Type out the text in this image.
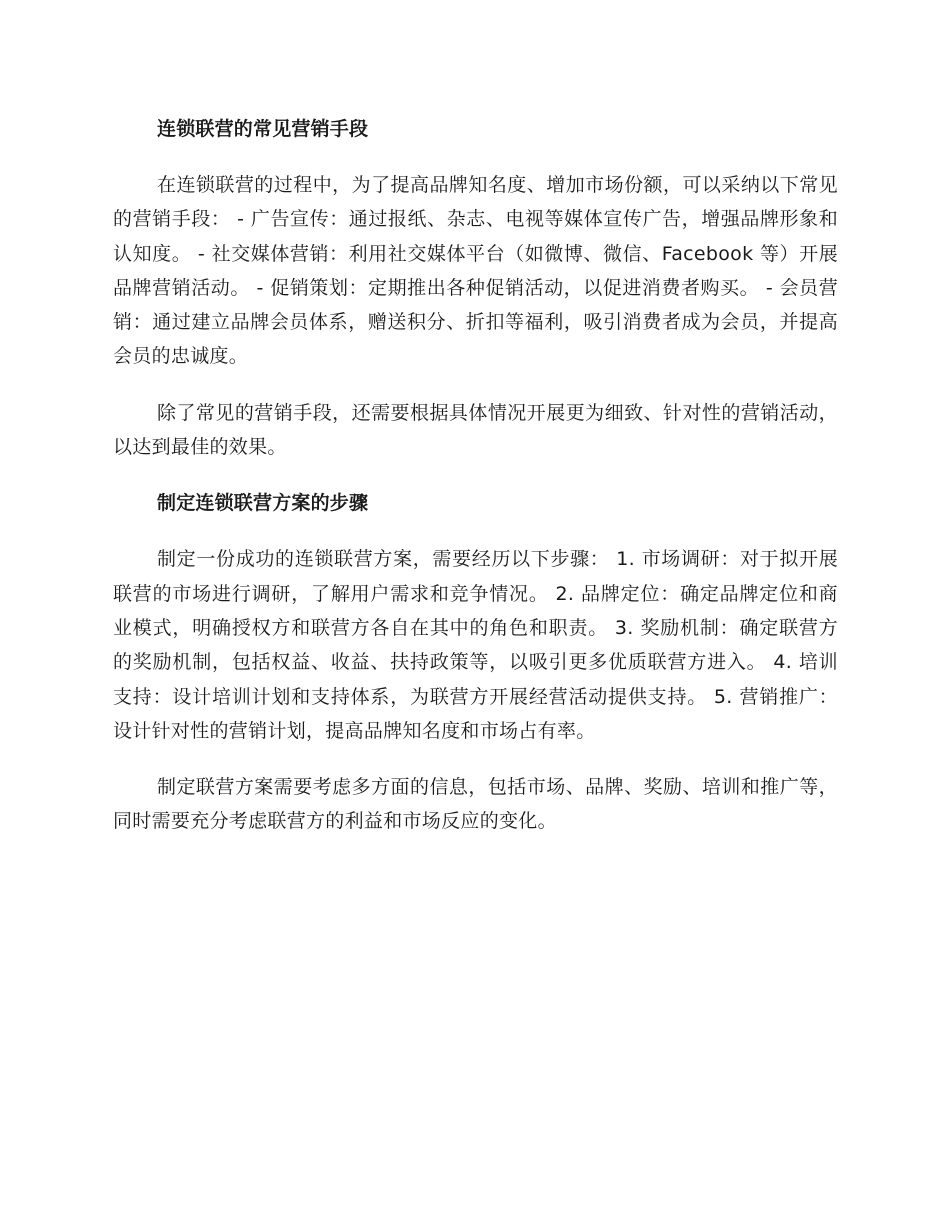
连锁联营的常见营销手段

在连锁联营的过程中，为了提高品牌知名度、增加市场份额，可以采纳以下常见的营销手段： - 广告宣传：通过报纸、杂志、电视等媒体宣传广告，增强品牌形象和认知度。 - 社交媒体营销：利用社交媒体平台（如微博、微信、Facebook 等）开展品牌营销活动。 - 促销策划：定期推出各种促销活动，以促进消费者购买。 - 会员营销：通过建立品牌会员体系，赠送积分、折扣等福利，吸引消费者成为会员，并提高会员的忠诚度。

除了常见的营销手段，还需要根据具体情况开展更为细致、针对性的营销活动，以达到最佳的效果。

制定连锁联营方案的步骤

制定一份成功的连锁联营方案，需要经历以下步骤： 1. 市场调研：对于拟开展联营的市场进行调研，了解用户需求和竞争情况。 2. 品牌定位：确定品牌定位和商业模式，明确授权方和联营方各自在其中的角色和职责。 3. 奖励机制：确定联营方的奖励机制，包括权益、收益、扶持政策等，以吸引更多优质联营方进入。 4. 培训支持：设计培训计划和支持体系，为联营方开展经营活动提供支持。 5. 营销推广：设计针对性的营销计划，提高品牌知名度和市场占有率。

制定联营方案需要考虑多方面的信息，包括市场、品牌、奖励、培训和推广等，同时需要充分考虑联营方的利益和市场反应的变化。
